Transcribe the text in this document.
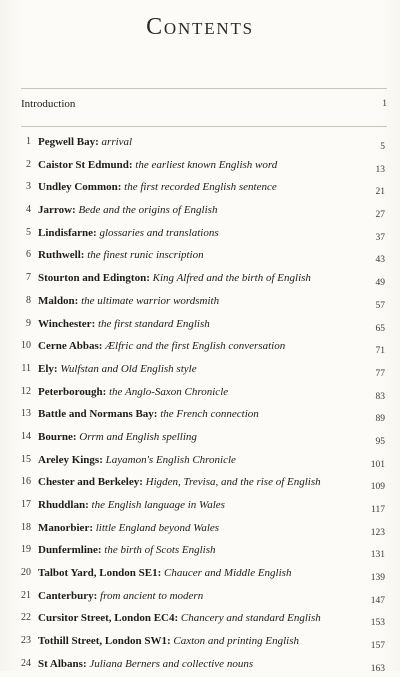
Contents
Introduction	1
1 Pegwell Bay: arrival	5
2 Caistor St Edmund: the earliest known English word	13
3 Undley Common: the first recorded English sentence	21
4 Jarrow: Bede and the origins of English	27
5 Lindisfarne: glossaries and translations	37
6 Ruthwell: the finest runic inscription	43
7 Stourton and Edington: King Alfred and the birth of English	49
8 Maldon: the ultimate warrior wordsmith	57
9 Winchester: the first standard English	65
10 Cerne Abbas: Ælfric and the first English conversation	71
11 Ely: Wulfstan and Old English style	77
12 Peterborough: the Anglo-Saxon Chronicle	83
13 Battle and Normans Bay: the French connection	89
14 Bourne: Orrm and English spelling	95
15 Areley Kings: Layamon's English Chronicle	101
16 Chester and Berkeley: Higden, Trevisa, and the rise of English	109
17 Rhuddlan: the English language in Wales	117
18 Manorbier: little England beyond Wales	123
19 Dunfermline: the birth of Scots English	131
20 Talbot Yard, London SE1: Chaucer and Middle English	139
21 Canterbury: from ancient to modern	147
22 Cursitor Street, London EC4: Chancery and standard English	153
23 Tothill Street, London SW1: Caxton and printing English	157
24 St Albans: Juliana Berners and collective nouns	163
